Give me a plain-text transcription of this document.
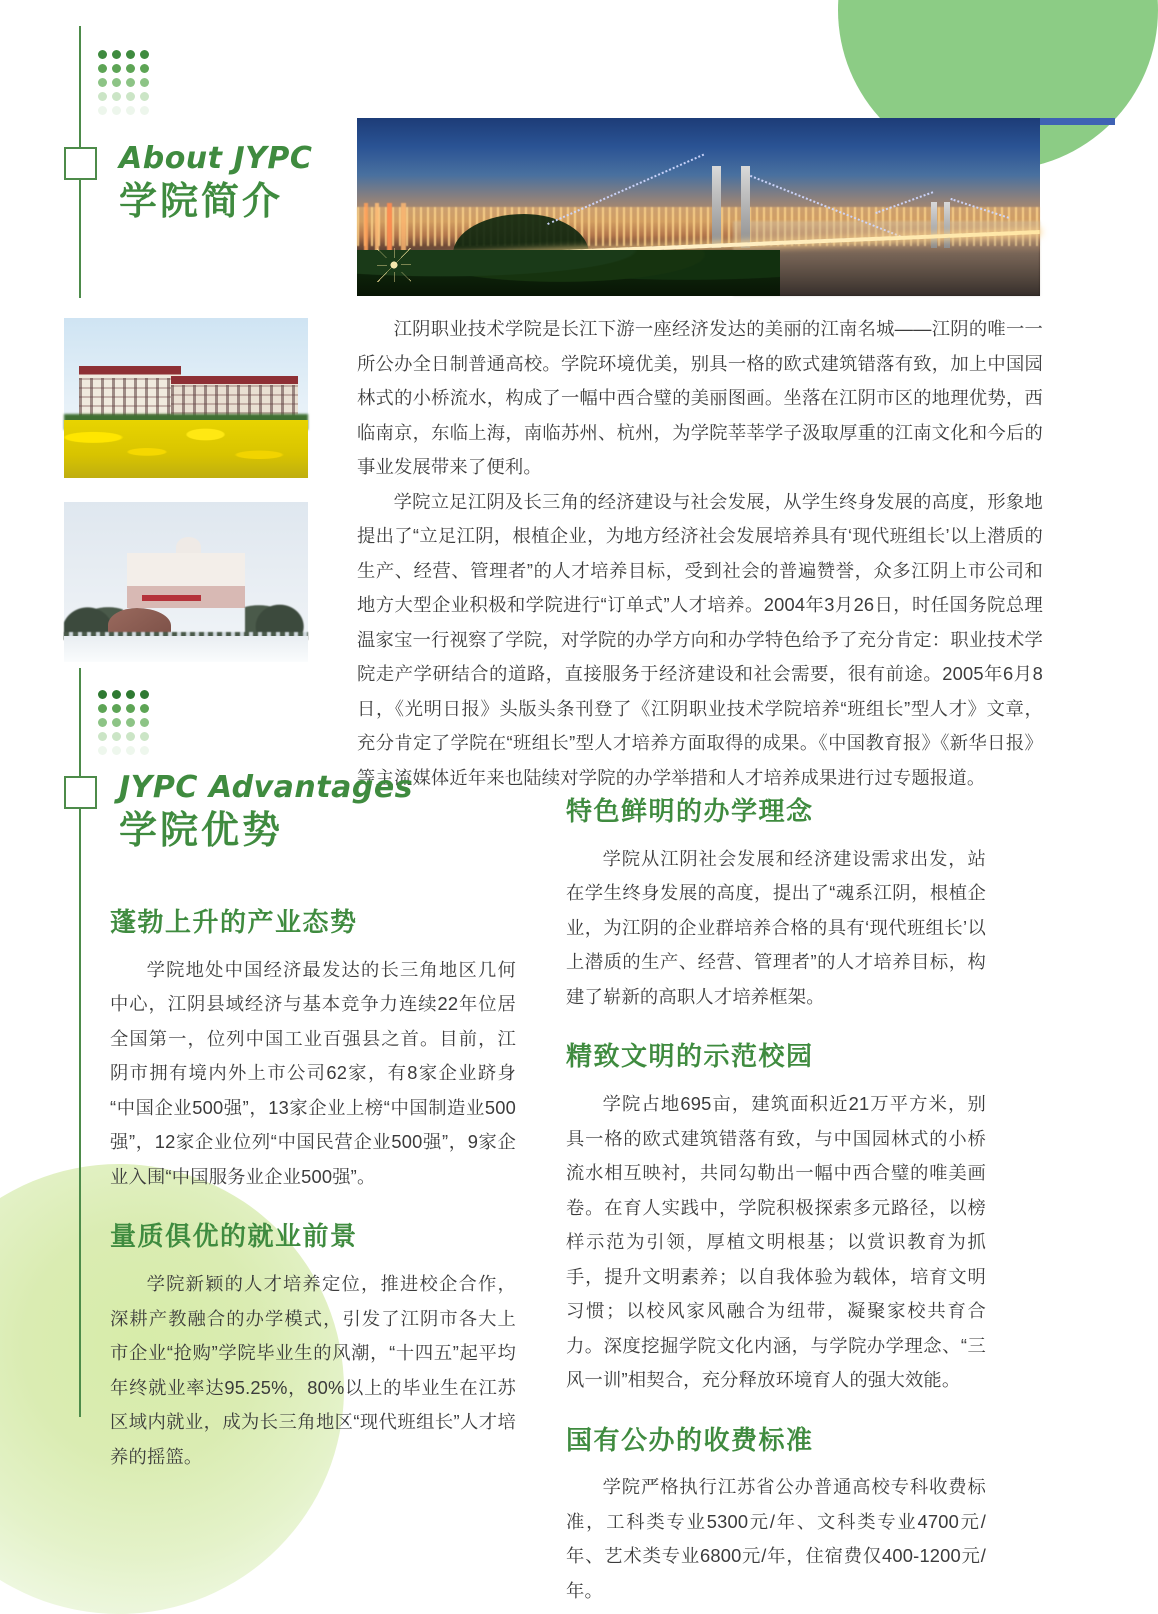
About JYPC
学院简介

江阴职业技术学院是长江下游一座经济发达的美丽的江南名城——江阴的唯一一所公办全日制普通高校。学院环境优美，别具一格的欧式建筑错落有致，加上中国园林式的小桥流水，构成了一幅中西合璧的美丽图画。坐落在江阴市区的地理优势，西临南京，东临上海，南临苏州、杭州，为学院莘莘学子汲取厚重的江南文化和今后的事业发展带来了便利。

学院立足江阴及长三角的经济建设与社会发展，从学生终身发展的高度，形象地提出了“立足江阴，根植企业，为地方经济社会发展培养具有‘现代班组长’以上潜质的生产、经营、管理者”的人才培养目标，受到社会的普遍赞誉，众多江阴上市公司和地方大型企业积极和学院进行“订单式”人才培养。2004年3月26日，时任国务院总理温家宝一行视察了学院，对学院的办学方向和办学特色给予了充分肯定：职业技术学院走产学研结合的道路，直接服务于经济建设和社会需要，很有前途。2005年6月8日，《光明日报》头版头条刊登了《江阴职业技术学院培养“班组长”型人才》文章，充分肯定了学院在“班组长”型人才培养方面取得的成果。《中国教育报》《新华日报》等主流媒体近年来也陆续对学院的办学举措和人才培养成果进行过专题报道。

JYPC Advantages
学院优势
蓬勃上升的产业态势

学院地处中国经济最发达的长三角地区几何中心，江阴县域经济与基本竞争力连续22年位居全国第一，位列中国工业百强县之首。目前，江阴市拥有境内外上市公司62家，有8家企业跻身“中国企业500强”，13家企业上榜“中国制造业500强”，12家企业位列“中国民营企业500强”，9家企业入围“中国服务业企业500强”。

量质俱优的就业前景

学院新颖的人才培养定位，推进校企合作，深耕产教融合的办学模式，引发了江阴市各大上市企业“抢购”学院毕业生的风潮，“十四五”起平均年终就业率达95.25%，80%以上的毕业生在江苏区域内就业，成为长三角地区“现代班组长”人才培养的摇篮。

特色鲜明的办学理念

学院从江阴社会发展和经济建设需求出发，站在学生终身发展的高度，提出了“魂系江阴，根植企业，为江阴的企业群培养合格的具有‘现代班组长’以上潜质的生产、经营、管理者”的人才培养目标，构建了崭新的高职人才培养框架。

精致文明的示范校园

学院占地695亩，建筑面积近21万平方米，别具一格的欧式建筑错落有致，与中国园林式的小桥流水相互映衬，共同勾勒出一幅中西合璧的唯美画卷。在育人实践中，学院积极探索多元路径，以榜样示范为引领，厚植文明根基；以赏识教育为抓手，提升文明素养；以自我体验为载体，培育文明习惯；以校风家风融合为纽带，凝聚家校共育合力。深度挖掘学院文化内涵，与学院办学理念、“三风一训”相契合，充分释放环境育人的强大效能。

国有公办的收费标准

学院严格执行江苏省公办普通高校专科收费标准，工科类专业5300元/年、文科类专业4700元/年、艺术类专业6800元/年，住宿费仅400-1200元/年。
